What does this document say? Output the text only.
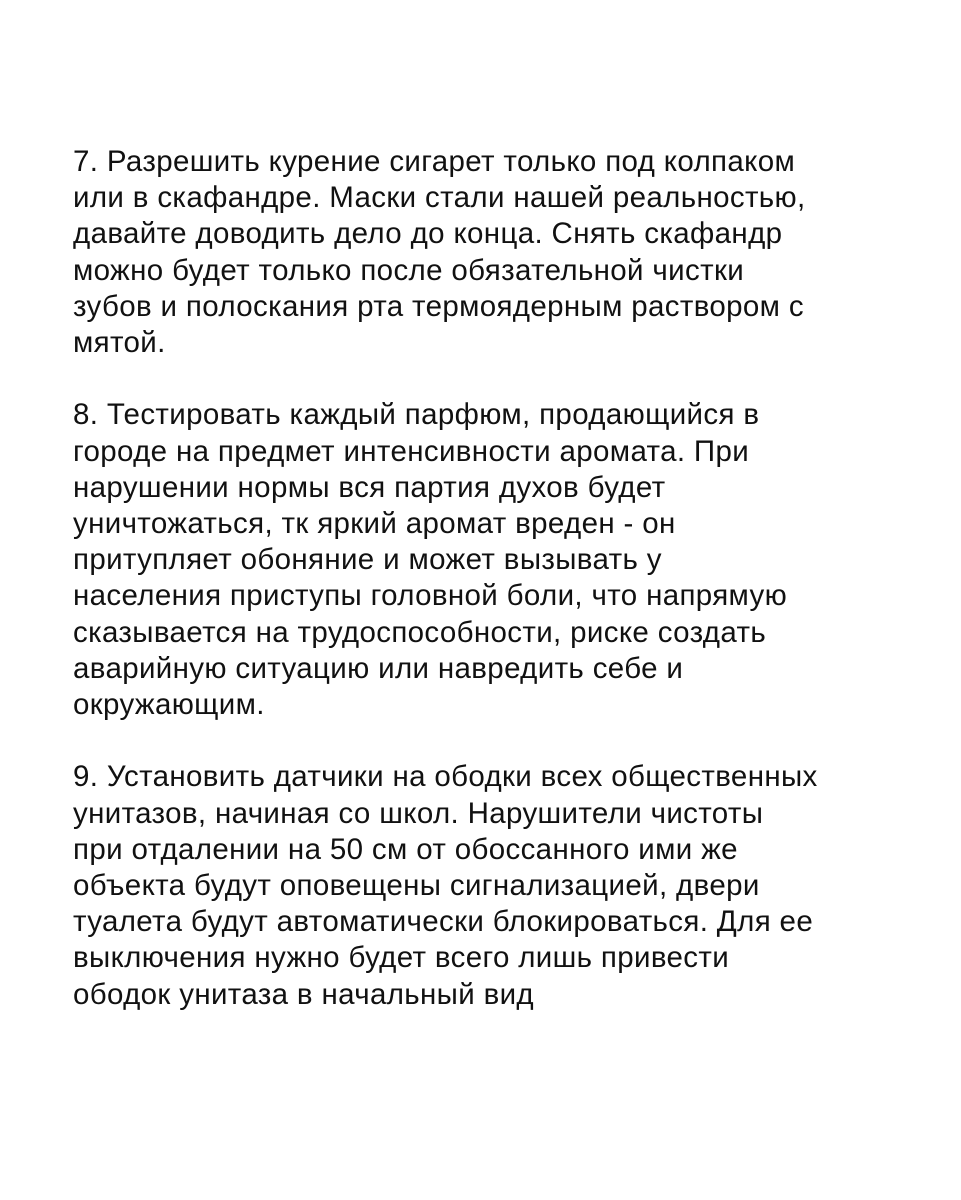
7. Разрешить курение сигарет только под колпаком
или в скафандре. Маски стали нашей реальностью,
давайте доводить дело до конца. Снять скафандр
можно будет только после обязательной чистки
зубов и полоскания рта термоядерным раствором с
мятой.
8. Тестировать каждый парфюм, продающийся в
городе на предмет интенсивности аромата. При
нарушении нормы вся партия духов будет
уничтожаться, тк яркий аромат вреден - он
притупляет обоняние и может вызывать у
населения приступы головной боли, что напрямую
сказывается на трудоспособности, риске создать
аварийную ситуацию или навредить себе и
окружающим.
9. Установить датчики на ободки всех общественных
унитазов, начиная со школ. Нарушители чистоты
при отдалении на 50 см от обоссанного ими же
объекта будут оповещены сигнализацией, двери
туалета будут автоматически блокироваться. Для ее
выключения нужно будет всего лишь привести
ободок унитаза в начальный вид
